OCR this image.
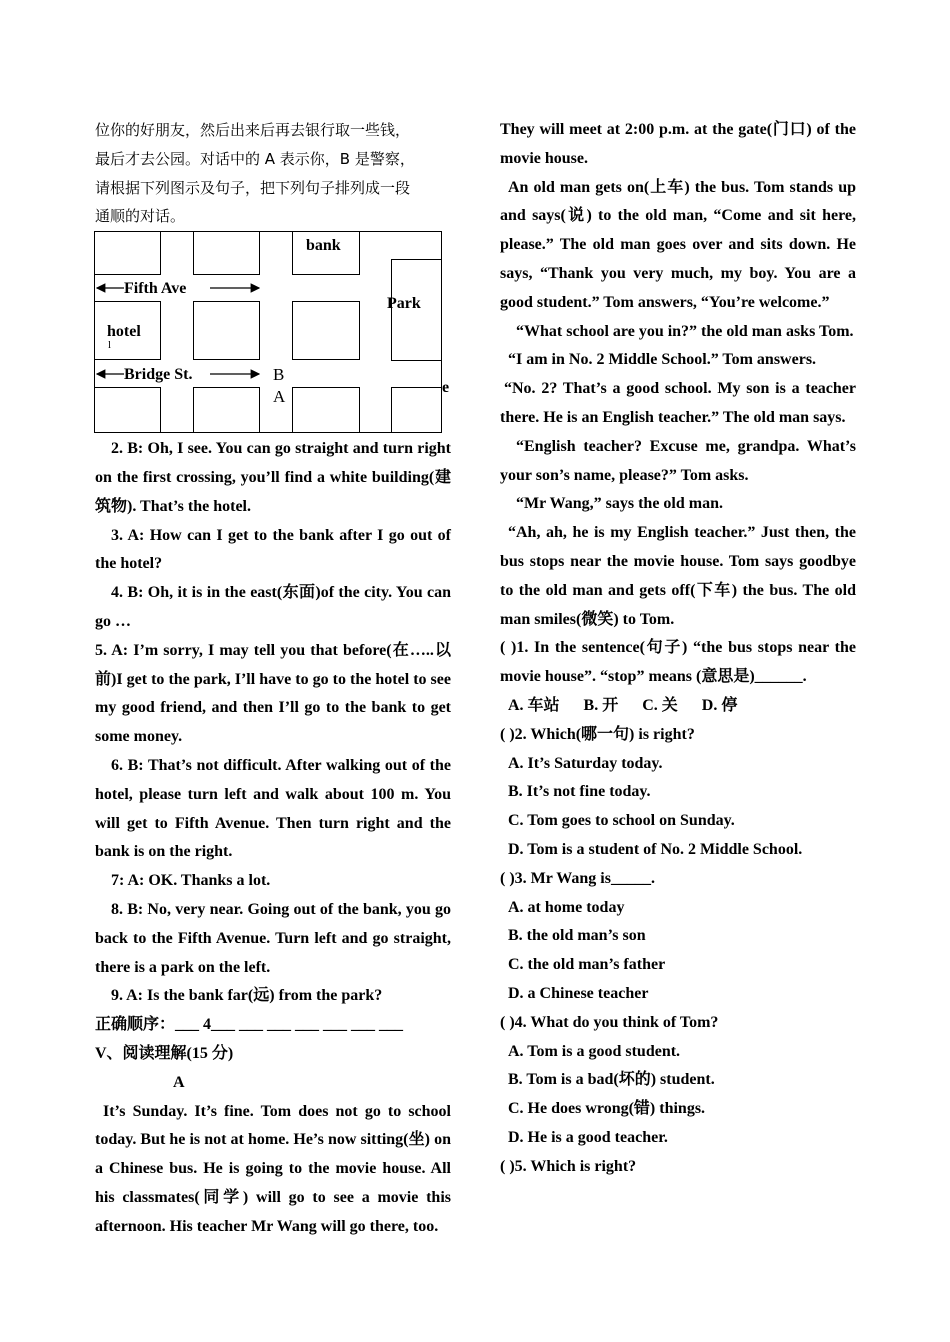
位你的好朋友，然后出来后再去银行取一些钱，

最后才去公园。对话中的 A 表示你，B 是警察，

请根据下列图示及句子，把下列句子排列成一段

通顺的对话。

bank
Fifth Ave
Park
hotel
l
Bridge St.	B
A	e

2. B: Oh, I see. You can go straight and turn right on the first crossing, you’ll find a white building(建筑物). That’s the hotel.

3. A: How can I get to the bank after I go out of the hotel?

4. B: Oh, it is in the east(东面)of the city. You can go …

5. A: I’m sorry, I may tell you that before(在…..以前)I get to the park, I’ll have to go to the hotel to see my good friend, and then I’ll go to the bank to get some money.

6. B: That’s not difficult. After walking out of the hotel, please turn left and walk about 100 m. You will get to Fifth Avenue. Then turn right and the bank is on the right.

7: A: OK. Thanks a lot.

8. B: No, very near. Going out of the bank, you go back to the Fifth Avenue. Turn left and go straight, there is a park on the left.

9. A: Is the bank far(远) from the park?

正确顺序：___ 4___ ___ ___ ___ ___ ___ ___

V、阅读理解(15 分)

A

It’s Sunday. It’s fine. Tom does not go to school today. But he is not at home. He’s now sitting(坐) on a Chinese bus. He is going to the movie house. All his classmates(同学) will go to see a movie this afternoon. His teacher Mr Wang will go there, too.

They will meet at 2:00 p.m. at the gate(门口) of the movie house.

An old man gets on(上车) the bus. Tom stands up and says(说) to the old man, “Come and sit here, please.” The old man goes over and sits down. He says, “Thank you very much, my boy. You are a good student.” Tom answers, “You’re welcome.”

“What school are you in?” the old man asks Tom.

“I am in No. 2 Middle School.” Tom answers.

“No. 2? That’s a good school. My son is a teacher there. He is an English teacher.” The old man says.

“English teacher? Excuse me, grandpa. What’s your son’s name, please?” Tom asks.

“Mr Wang,” says the old man.

“Ah, ah, he is my English teacher.” Just then, the bus stops near the movie house. Tom says goodbye to the old man and gets off(下车) the bus. The old man smiles(微笑) to Tom.

( )1. In the sentence(句子) “the bus stops near the movie house”. “stop” means (意思是)______.

A. 车站      B. 开      C. 关      D. 停

( )2. Which(哪一句) is right?

A. It’s Saturday today.

B. It’s not fine today.

C. Tom goes to school on Sunday.

D. Tom is a student of No. 2 Middle School.

( )3. Mr Wang is_____.

A. at home today

B. the old man’s son

C. the old man’s father

D. a Chinese teacher

( )4. What do you think of Tom?

A. Tom is a good student.

B. Tom is a bad(坏的) student.

C. He does wrong(错) things.

D. He is a good teacher.

( )5. Which is right?
